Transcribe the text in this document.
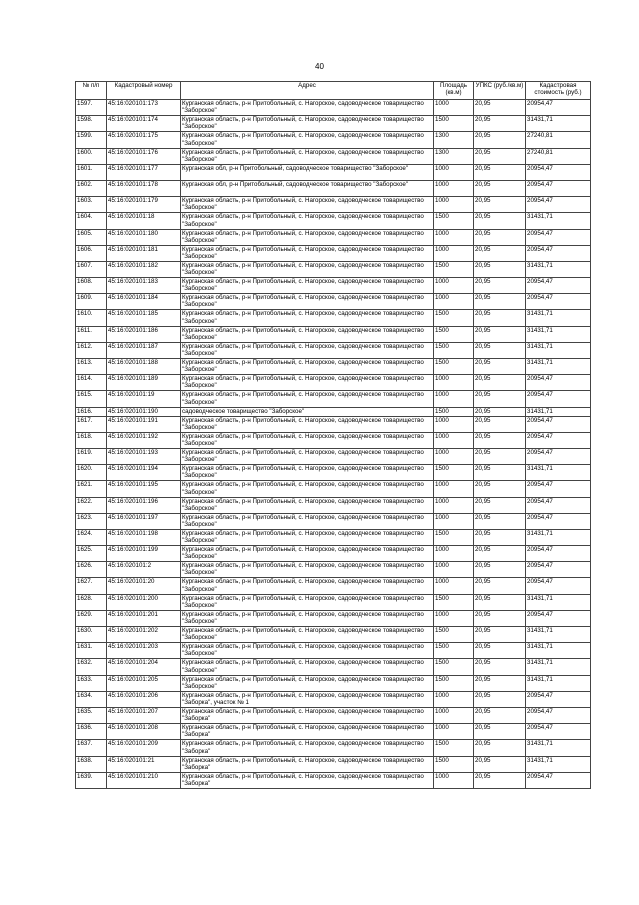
40
№ п/п	Кадастровый номер	Адрес	Площадь (кв.м)	УПКС (руб./кв.м)	Кадастровая стоимость (руб.)
1597.	45:16:020101:173	Курганская область, р-н Притобольный, с. Нагорское, садоводческое товарищество "Заборское"	1000	20,95	20954,47
1598.	45:16:020101:174	Курганская область, р-н Притобольный, с. Нагорское, садоводческое товарищество "Заборское"	1500	20,95	31431,71
1599.	45:16:020101:175	Курганская область, р-н Притобольный, с. Нагорское, садоводческое товарищество "Заборское"	1300	20,95	27240,81
1600.	45:16:020101:176	Курганская область, р-н Притобольный, с. Нагорское, садоводческое товарищество "Заборское"	1300	20,95	27240,81
1601.	45:16:020101:177	Курганская обл, р-н Притобольный, садоводческое товарищество "Заборское"	1000	20,95	20954,47
1602.	45:16:020101:178	Курганская обл, р-н Притобольный, садоводческое товарищество "Заборское"	1000	20,95	20954,47
1603.	45:16:020101:179	Курганская область, р-н Притобольный, с. Нагорское, садоводческое товарищество "Заборское"	1000	20,95	20954,47
1604.	45:16:020101:18	Курганская область, р-н Притобольный, с. Нагорское, садоводческое товарищество "Заборское"	1500	20,95	31431,71
1605.	45:16:020101:180	Курганская область, р-н Притобольный, с. Нагорское, садоводческое товарищество "Заборское"	1000	20,95	20954,47
1606.	45:16:020101:181	Курганская область, р-н Притобольный, с. Нагорское, садоводческое товарищество "Заборское"	1000	20,95	20954,47
1607.	45:16:020101:182	Курганская область, р-н Притобольный, с. Нагорское, садоводческое товарищество "Заборское"	1500	20,95	31431,71
1608.	45:16:020101:183	Курганская область, р-н Притобольный, с. Нагорское, садоводческое товарищество "Заборское"	1000	20,95	20954,47
1609.	45:16:020101:184	Курганская область, р-н Притобольный, с. Нагорское, садоводческое товарищество "Заборское"	1000	20,95	20954,47
1610.	45:16:020101:185	Курганская область, р-н Притобольный, с. Нагорское, садоводческое товарищество "Заборское"	1500	20,95	31431,71
1611.	45:16:020101:186	Курганская область, р-н Притобольный, с. Нагорское, садоводческое товарищество "Заборское"	1500	20,95	31431,71
1612.	45:16:020101:187	Курганская область, р-н Притобольный, с. Нагорское, садоводческое товарищество "Заборское"	1500	20,95	31431,71
1613.	45:16:020101:188	Курганская область, р-н Притобольный, с. Нагорское, садоводческое товарищество "Заборское"	1500	20,95	31431,71
1614.	45:16:020101:189	Курганская область, р-н Притобольный, с. Нагорское, садоводческое товарищество "Заборское"	1000	20,95	20954,47
1615.	45:16:020101:19	Курганская область, р-н Притобольный, с. Нагорское, садоводческое товарищество "Заборское"	1000	20,95	20954,47
1616.	45:16:020101:190	садоводческое товарищество "Заборское"	1500	20,95	31431,71
1617.	45:16:020101:191	Курганская область, р-н Притобольный, с. Нагорское, садоводческое товарищество "Заборское"	1000	20,95	20954,47
1618.	45:16:020101:192	Курганская область, р-н Притобольный, с. Нагорское, садоводческое товарищество "Заборское"	1000	20,95	20954,47
1619.	45:16:020101:193	Курганская область, р-н Притобольный, с. Нагорское, садоводческое товарищество "Заборское"	1000	20,95	20954,47
1620.	45:16:020101:194	Курганская область, р-н Притобольный, с. Нагорское, садоводческое товарищество "Заборское"	1500	20,95	31431,71
1621.	45:16:020101:195	Курганская область, р-н Притобольный, с. Нагорское, садоводческое товарищество "Заборское"	1000	20,95	20954,47
1622.	45:16:020101:196	Курганская область, р-н Притобольный, с. Нагорское, садоводческое товарищество "Заборское"	1000	20,95	20954,47
1623.	45:16:020101:197	Курганская область, р-н Притобольный, с. Нагорское, садоводческое товарищество "Заборское"	1000	20,95	20954,47
1624.	45:16:020101:198	Курганская область, р-н Притобольный, с. Нагорское, садоводческое товарищество "Заборское"	1500	20,95	31431,71
1625.	45:16:020101:199	Курганская область, р-н Притобольный, с. Нагорское, садоводческое товарищество "Заборское"	1000	20,95	20954,47
1626.	45:16:020101:2	Курганская область, р-н Притобольный, с. Нагорское, садоводческое товарищество "Заборское"	1000	20,95	20954,47
1627.	45:16:020101:20	Курганская область, р-н Притобольный, с. Нагорское, садоводческое товарищество "Заборское"	1000	20,95	20954,47
1628.	45:16:020101:200	Курганская область, р-н Притобольный, с. Нагорское, садоводческое товарищество "Заборское"	1500	20,95	31431,71
1629.	45:16:020101:201	Курганская область, р-н Притобольный, с. Нагорское, садоводческое товарищество "Заборское"	1000	20,95	20954,47
1630.	45:16:020101:202	Курганская область, р-н Притобольный, с. Нагорское, садоводческое товарищество "Заборское"	1500	20,95	31431,71
1631.	45:16:020101:203	Курганская область, р-н Притобольный, с. Нагорское, садоводческое товарищество "Заборское"	1500	20,95	31431,71
1632.	45:16:020101:204	Курганская область, р-н Притобольный, с. Нагорское, садоводческое товарищество "Заборское"	1500	20,95	31431,71
1633.	45:16:020101:205	Курганская область, р-н Притобольный, с. Нагорское, садоводческое товарищество "Заборское"	1500	20,95	31431,71
1634.	45:16:020101:206	Курганская область, р-н Притобольный, с. Нагорское, садоводческое товарищество "Заборка", участок № 1	1000	20,95	20954,47
1635.	45:16:020101:207	Курганская область, р-н Притобольный, с. Нагорское, садоводческое товарищество "Заборка"	1000	20,95	20954,47
1636.	45:16:020101:208	Курганская область, р-н Притобольный, с. Нагорское, садоводческое товарищество "Заборка"	1000	20,95	20954,47
1637.	45:16:020101:209	Курганская область, р-н Притобольный, с. Нагорское, садоводческое товарищество "Заборка"	1500	20,95	31431,71
1638.	45:16:020101:21	Курганская область, р-н Притобольный, с. Нагорское, садоводческое товарищество "Заборка"	1500	20,95	31431,71
1639.	45:16:020101:210	Курганская область, р-н Притобольный, с. Нагорское, садоводческое товарищество "Заборка"	1000	20,95	20954,47
